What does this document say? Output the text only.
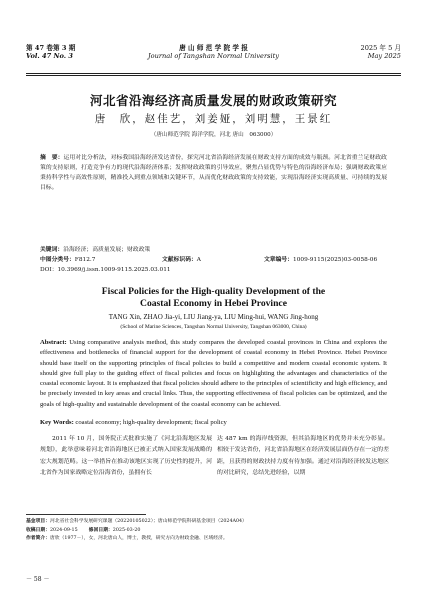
第 47 卷第 3 期
Vol. 47 No. 3
唐 山 师 范 学 院 学 报
Journal of Tangshan Normal University
2025 年 5 月
May 2025
河北省沿海经济高质量发展的财政政策研究
唐　欣，赵佳艺，刘姜娅，刘明慧，王景红
（唐山师范学院 海洋学院，河北 唐山　063000）
摘　要：运用对比分析法，对标我国沿海经济发达省份，探究河北省沿海经济发展在财政支持方面的成效与瓶颈。河北省重兰足财政政策的支持原则，打造竞争有力的现代沿海经济体系；发挥财政政策的引导效应，聚焦凸显优势与特色的沿海经济布局；强调财政政策应秉持科学性与高效性原则，精准投入到重点领域和关键环节，从而优化财政政策的支持效能，实现沿海经济实现高质量、可持续的发展目标。
关键词：沿海经济；高质量发展；财政政策
中图分类号：F812.7	文献标识码：A	文章编号：1009-9115(2025)03-0058-06
DOI：10.3969/j.issn.1009-9115.2025.03.011
Fiscal Policies for the High-quality Development of the Coastal Economy in Hebei Province
TANG Xin, ZHAO Jia-yi, LIU Jiang-ya, LIU Ming-hui, WANG Jing-hong
(School of Marine Sciences, Tangshan Normal University, Tangshan 063000, China)
Abstract: Using comparative analysis method, this study compares the developed coastal provinces in China and explores the effectiveness and bottlenecks of financial support for the development of coastal economy in Hebei Province. Hebei Province should base itself on the supporting principles of fiscal policies to build a competitive and modern coastal economic system. It should give full play to the guiding effect of fiscal policies and focus on highlighting the advantages and characteristics of the coastal economic layout. It is emphasized that fiscal policies should adhere to the principles of scientificity and high efficiency, and be precisely invested in key areas and crucial links. Thus, the supporting effectiveness of fiscal policies can be optimized, and the goals of high-quality and sustainable development of the coastal economy can be achieved.
Key Words: coastal economy; high-quality development; fiscal policy
2011 年 10 月，国务院正式批准实施了《河北沿海地区发展规划》，此举意味着河北省沿海地区已被正式纳入国家发展战略的宏大规划范畴。这一举措旨在推动该地区实现了历史性的提升，河北省作为国家战略定位沿海省份，虽拥有长
达 487 km 的海岸线资源，但其沿海地区的优势并未充分彰显。相较于发达省份，河北省沿海地区在经济发展层面仍存在一定的差距，且获得的财政扶持力度有待加强。通过对沿海经济较发达地区的对比研究，总结先进经验，以期
基金项目：河北省社会科学发展研究课题（20220105022）；唐山师范学院科研基金项目（2024A04）
收稿日期：2024-09-15　　 修回日期：2025-03-20
作者简介：唐欣（1977－），女，河北唐山人，博士，教授，研究方向为财政金融、区域经济。
－ 58 －
